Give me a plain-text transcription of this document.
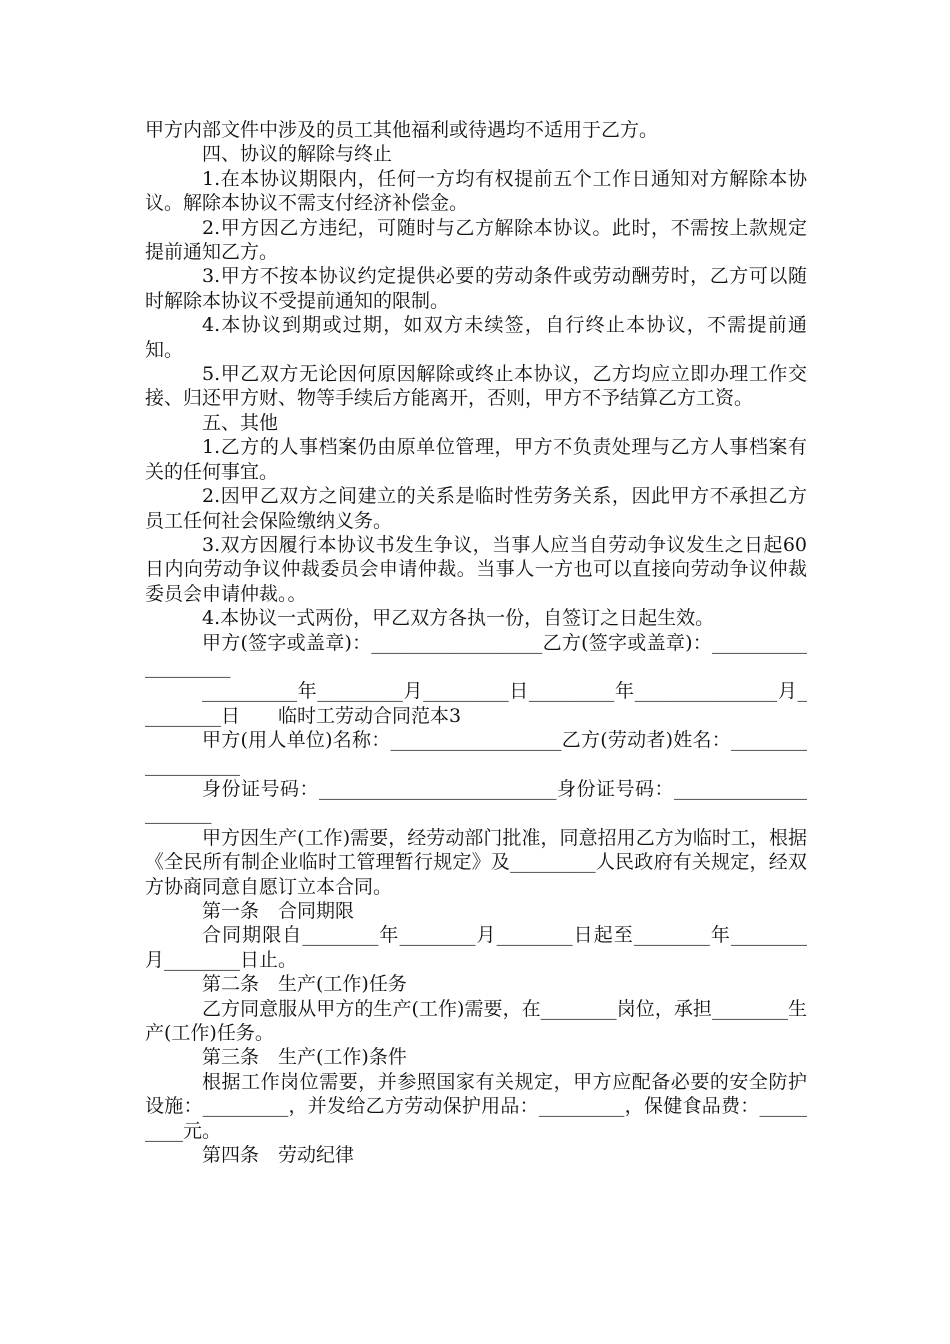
甲方内部文件中涉及的员工其他福利或待遇均不适用于乙方。

四、协议的解除与终止

1.在本协议期限内，任何一方均有权提前五个工作日通知对方解除本协议。解除本协议不需支付经济补偿金。

2.甲方因乙方违纪，可随时与乙方解除本协议。此时，不需按上款规定提前通知乙方。

3.甲方不按本协议约定提供必要的劳动条件或劳动酬劳时，乙方可以随时解除本协议不受提前通知的限制。

4.本协议到期或过期，如双方未续签，自行终止本协议，不需提前通知。

5.甲乙双方无论因何原因解除或终止本协议，乙方均应立即办理工作交接、归还甲方财、物等手续后方能离开，否则，甲方不予结算乙方工资。

五、其他

1.乙方的人事档案仍由原单位管理，甲方不负责处理与乙方人事档案有关的任何事宜。

2.因甲乙双方之间建立的关系是临时性劳务关系，因此甲方不承担乙方员工任何社会保险缴纳义务。

3.双方因履行本协议书发生争议，当事人应当自劳动争议发生之日起60日内向劳动争议仲裁委员会申请仲裁。当事人一方也可以直接向劳动争议仲裁委员会申请仲裁。。

4.本协议一式两份，甲乙双方各执一份，自签订之日起生效。

甲方(签字或盖章)：__________________乙方(签字或盖章)：___________________

__________年_________月_________日_________年_______________月_________日　　临时工劳动合同范本3

甲方(用人单位)名称：__________________乙方(劳动者)姓名：__________________

身份证号码：_________________________身份证号码：_____________________

甲方因生产(工作)需要，经劳动部门批准，同意招用乙方为临时工，根据《全民所有制企业临时工管理暂行规定》及_________人民政府有关规定，经双方协商同意自愿订立本合同。

第一条　合同期限

合同期限自________年________月________日起至________年________月________日止。

第二条　生产(工作)任务

乙方同意服从甲方的生产(工作)需要，在________岗位，承担________生产(工作)任务。

第三条　生产(工作)条件

根据工作岗位需要，并参照国家有关规定，甲方应配备必要的安全防护设施：_________，并发给乙方劳动保护用品：_________，保健食品费：_________元。

第四条　劳动纪律
